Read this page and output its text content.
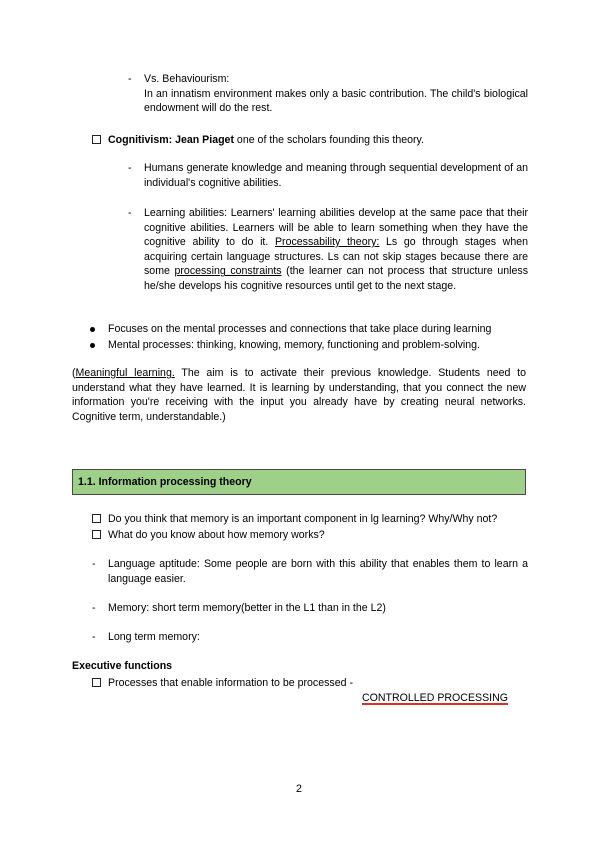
- Vs. Behaviourism:
In an innatism environment makes only a basic contribution. The child's biological endowment will do the rest.
Cognitivism: Jean Piaget one of the scholars founding this theory.
- Humans generate knowledge and meaning through sequential development of an individual's cognitive abilities.
- Learning abilities: Learners' learning abilities develop at the same pace that their cognitive abilities. Learners will be able to learn something when they have the cognitive ability to do it. Processability theory: Ls go through stages when acquiring certain language structures. Ls can not skip stages because there are some processing constraints (the learner can not process that structure unless he/she develops his cognitive resources until get to the next stage.
Focuses on the mental processes and connections that take place during learning
Mental processes: thinking, knowing, memory, functioning and problem-solving.
(Meaningful learning. The aim is to activate their previous knowledge. Students need to understand what they have learned. It is learning by understanding, that you connect the new information you're receiving with the input you already have by creating neural networks. Cognitive term, understandable.)
1.1. Information processing theory
Do you think that memory is an important component in lg learning? Why/Why not?
What do you know about how memory works?
- Language aptitude: Some people are born with this ability that enables them to learn a language easier.
- Memory: short term memory(better in the L1 than in the L2)
- Long term memory:
Executive functions
Processes that enable information to be processed -
CONTROLLED PROCESSING
2
